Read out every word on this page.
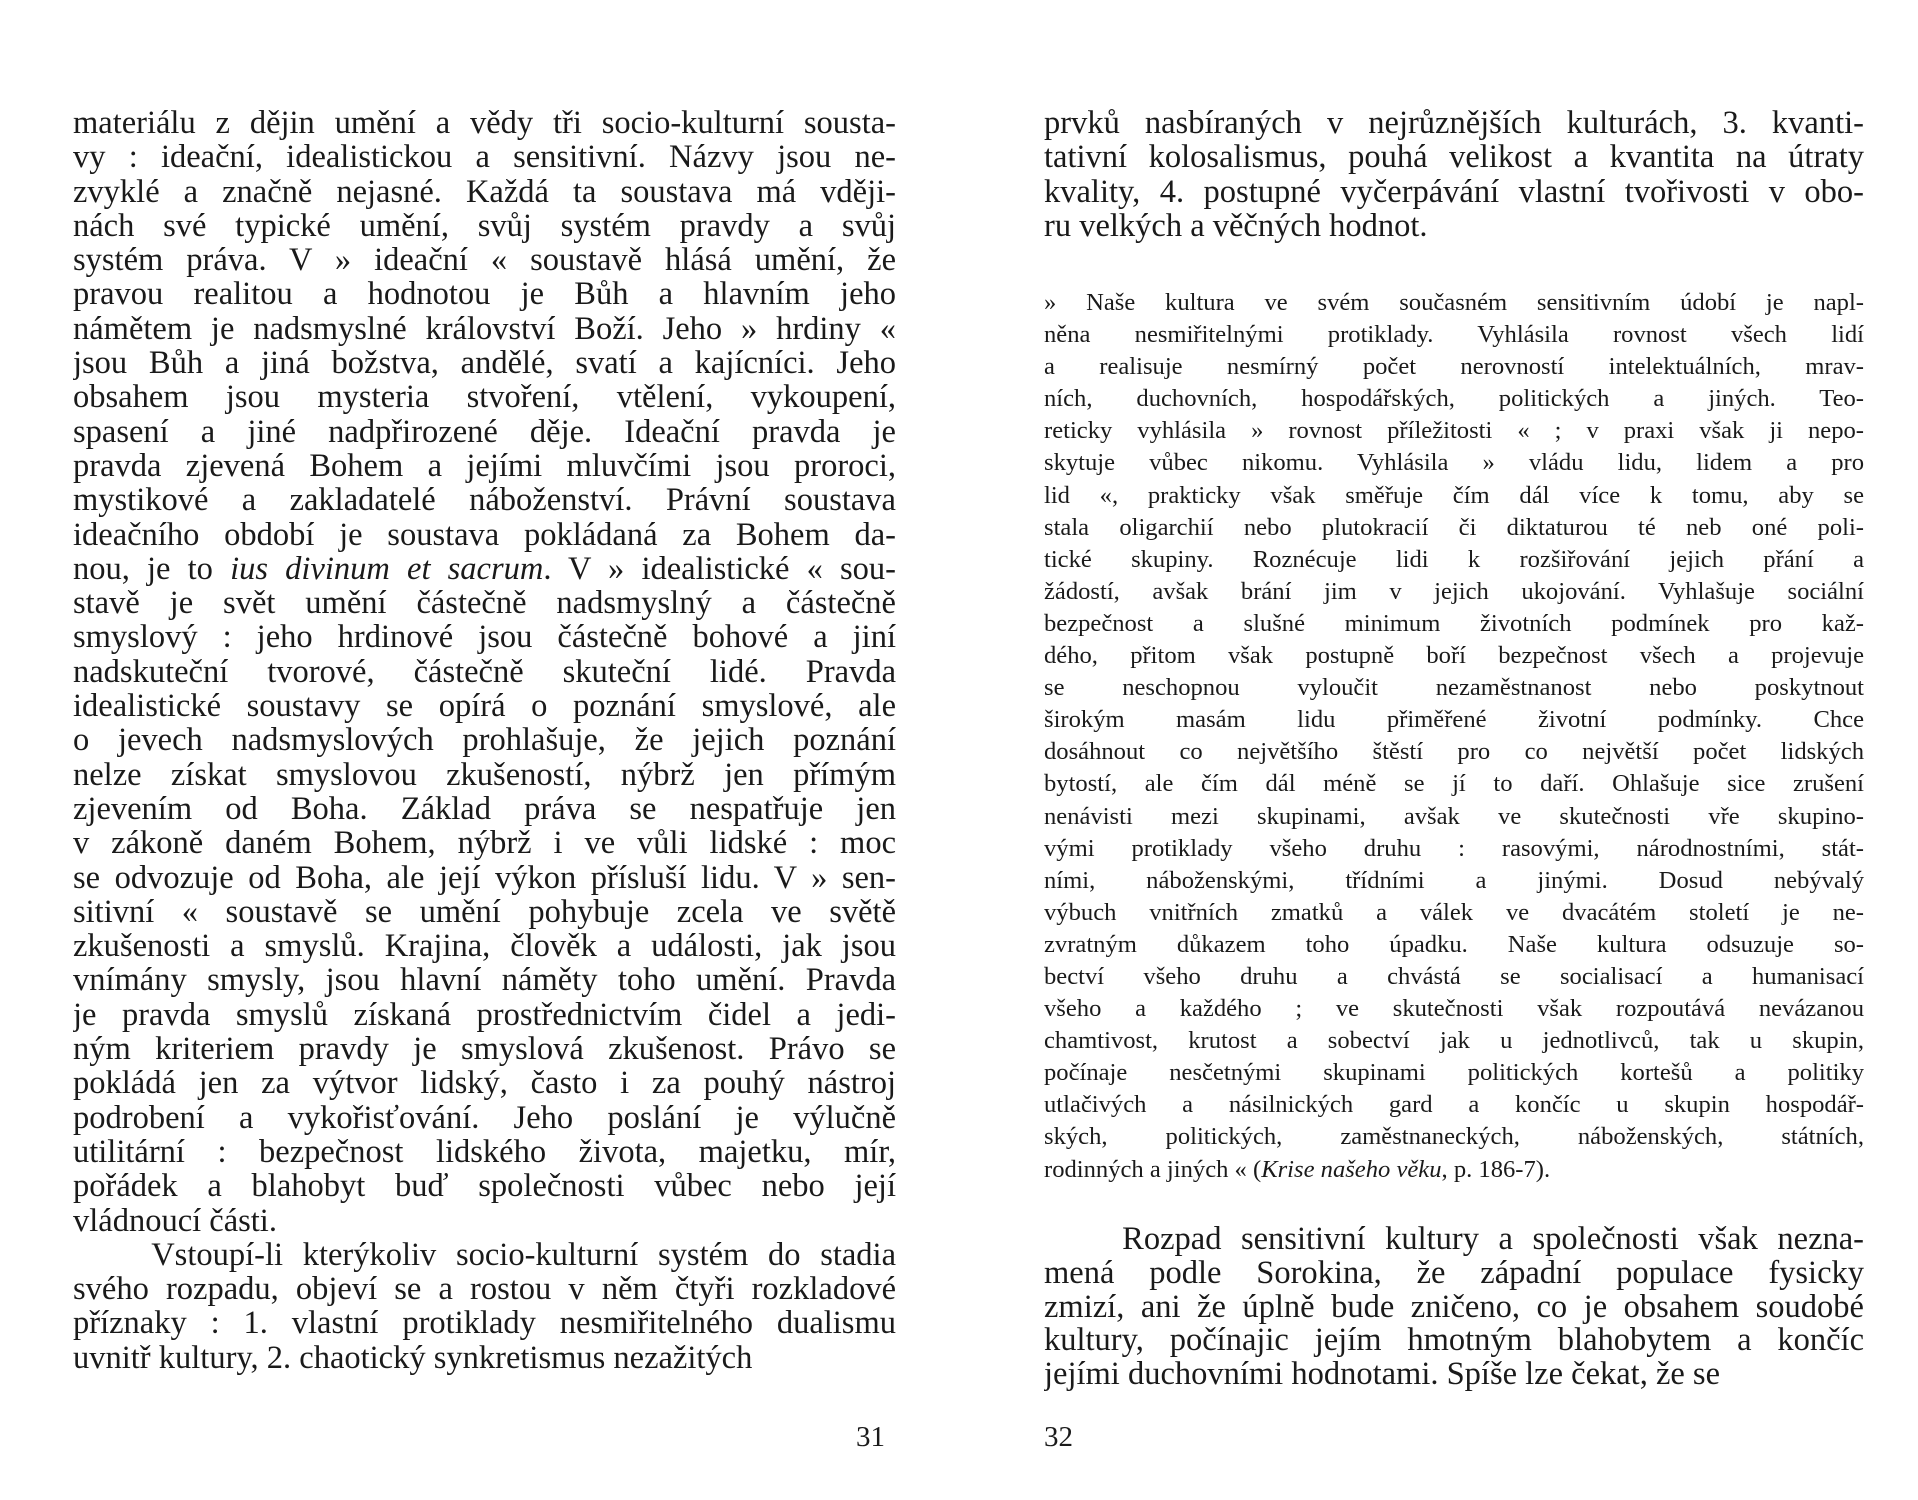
materiálu z dějin umění a vědy tři socio-kulturní sousta-
vy : ideační, idealistickou a sensitivní. Názvy jsou ne-
zvyklé a značně nejasné. Každá ta soustava má vději-
nách své typické umění, svůj systém pravdy a svůj
systém práva. V » ideační « soustavě hlásá umění, že
pravou realitou a hodnotou je Bůh a hlavním jeho
námětem je nadsmyslné království Boží. Jeho » hrdiny «
jsou Bůh a jiná božstva, andělé, svatí a kajícníci. Jeho
obsahem jsou mysteria stvoření, vtělení, vykoupení,
spasení a jiné nadpřirozené děje. Ideační pravda je
pravda zjevená Bohem a jejími mluvčími jsou proroci,
mystikové a zakladatelé náboženství. Právní soustava
ideačního období je soustava pokládaná za Bohem da-
nou, je to ius divinum et sacrum. V » idealistické « sou-
stavě je svět umění částečně nadsmyslný a částečně
smyslový : jeho hrdinové jsou částečně bohové a jiní
nadskuteční tvorové, částečně skuteční lidé. Pravda
idealistické soustavy se opírá o poznání smyslové, ale
o jevech nadsmyslových prohlašuje, že jejich poznání
nelze získat smyslovou zkušeností, nýbrž jen přímým
zjevením od Boha. Základ práva se nespatřuje jen
v zákoně daném Bohem, nýbrž i ve vůli lidské : moc
se odvozuje od Boha, ale její výkon přísluší lidu. V » sen-
sitivní « soustavě se umění pohybuje zcela ve světě
zkušenosti a smyslů. Krajina, člověk a události, jak jsou
vnímány smysly, jsou hlavní náměty toho umění. Pravda
je pravda smyslů získaná prostřednictvím čidel a jedi-
ným kriteriem pravdy je smyslová zkušenost. Právo se
pokládá jen za výtvor lidský, často i za pouhý nástroj
podrobení a vykořisťování. Jeho poslání je výlučně
utilitární : bezpečnost lidského života, majetku, mír,
pořádek a blahobyt buď společnosti vůbec nebo její
vládnoucí části.
Vstoupí-li kterýkoliv socio-kulturní systém do stadia
svého rozpadu, objeví se a rostou v něm čtyři rozkladové
příznaky : 1. vlastní protiklady nesmiřitelného dualismu
uvnitř kultury, 2. chaotický synkretismus nezažitých
31
prvků nasbíraných v nejrůznějších kulturách, 3. kvanti-
tativní kolosalismus, pouhá velikost a kvantita na útraty
kvality, 4. postupné vyčerpávání vlastní tvořivosti v obo-
ru velkých a věčných hodnot.
» Naše kultura ve svém současném sensitivním údobí je napl-
něna nesmiřitelnými protiklady. Vyhlásila rovnost všech lidí
a realisuje nesmírný počet nerovností intelektuálních, mrav-
ních, duchovních, hospodářských, politických a jiných. Teo-
reticky vyhlásila » rovnost příležitosti « ; v praxi však ji nepo-
skytuje vůbec nikomu. Vyhlásila » vládu lidu, lidem a pro
lid «, prakticky však směřuje čím dál více k tomu, aby se
stala oligarchií nebo plutokracií či diktaturou té neb oné poli-
tické skupiny. Roznécuje lidi k rozšiřování jejich přání a
žádostí, avšak brání jim v jejich ukojování. Vyhlašuje sociální
bezpečnost a slušné minimum životních podmínek pro kaž-
dého, přitom však postupně boří bezpečnost všech a projevuje
se neschopnou vyloučit nezaměstnanost nebo poskytnout
širokým masám lidu přiměřené životní podmínky. Chce
dosáhnout co největšího štěstí pro co největší počet lidských
bytostí, ale čím dál méně se jí to daří. Ohlašuje sice zrušení
nenávisti mezi skupinami, avšak ve skutečnosti vře skupino-
vými protiklady všeho druhu : rasovými, národnostními, stát-
ními, náboženskými, třídními a jinými. Dosud nebývalý
výbuch vnitřních zmatků a válek ve dvacátém století je ne-
zvratným důkazem toho úpadku. Naše kultura odsuzuje so-
bectví všeho druhu a chvástá se socialisací a humanisací
všeho a každého ; ve skutečnosti však rozpoutává nevázanou
chamtivost, krutost a sobectví jak u jednotlivců, tak u skupin,
počínaje nesčetnými skupinami politických kortešů a politiky
utlačivých a násilnických gard a končíc u skupin hospodář-
ských, politických, zaměstnaneckých, náboženských, státních,
rodinných a jiných « (Krise našeho věku, p. 186-7).
Rozpad sensitivní kultury a společnosti však nezna-
mená podle Sorokina, že západní populace fysicky
zmizí, ani že úplně bude zničeno, co je obsahem soudobé
kultury, počínajic jejím hmotným blahobytem a končíc
jejími duchovními hodnotami. Spíše lze čekat, že se
32
